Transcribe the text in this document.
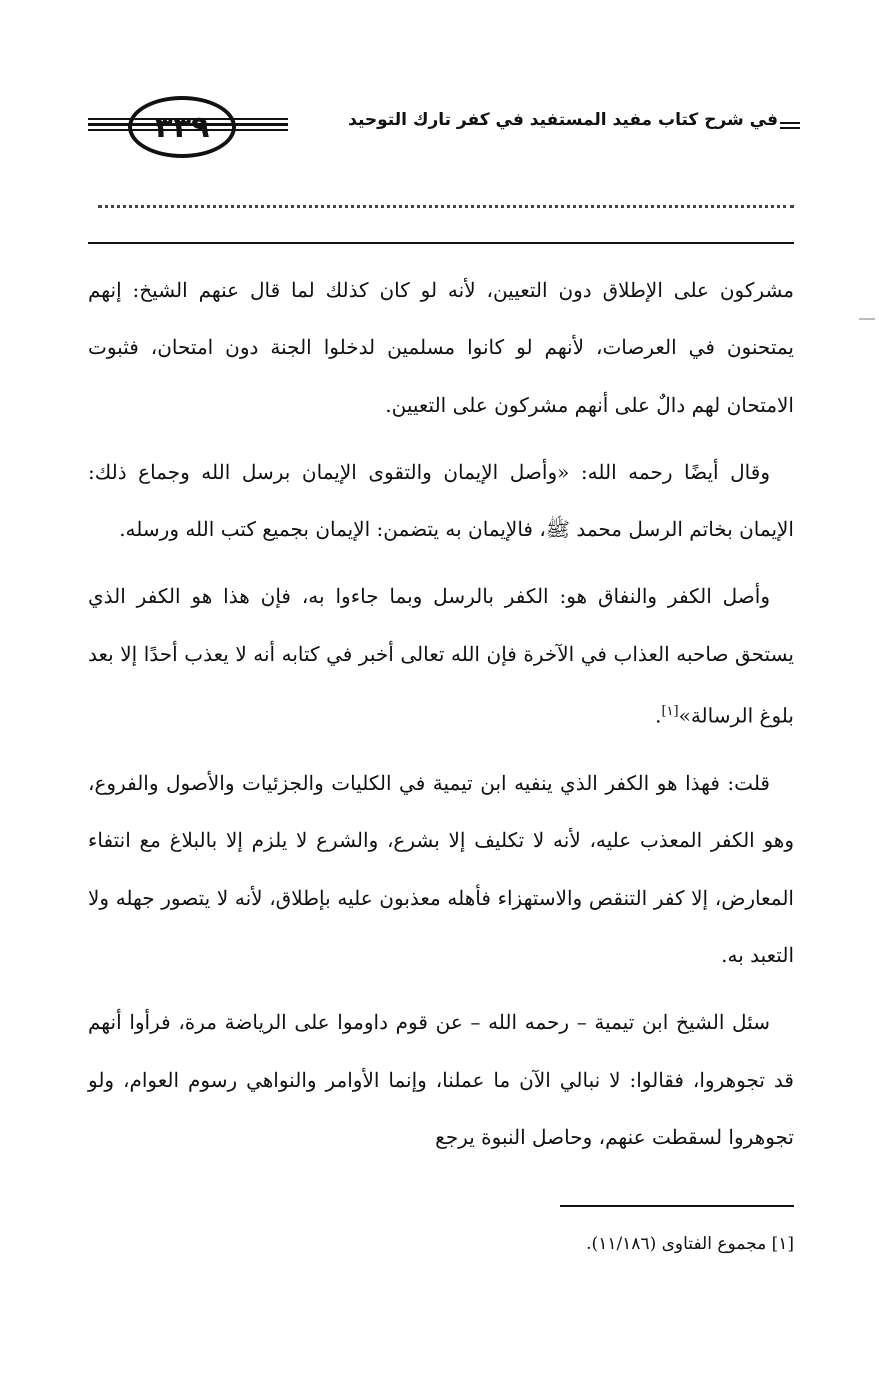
٣٣٩	في شرح كتاب مفيد المستفيد في كفر تارك التوحيد

مشركون على الإطلاق دون التعيين، لأنه لو كان كذلك لما قال عنهم الشيخ: إنهم يمتحنون في العرصات، لأنهم لو كانوا مسلمين لدخلوا الجنة دون امتحان، فثبوت الامتحان لهم دالٌ على أنهم مشركون على التعيين.

وقال أيضًا رحمه الله: «وأصل الإيمان والتقوى الإيمان برسل الله وجماع ذلك: الإيمان بخاتم الرسل محمد ﷺ، فالإيمان به يتضمن: الإيمان بجميع كتب الله ورسله.

وأصل الكفر والنفاق هو: الكفر بالرسل وبما جاءوا به، فإن هذا هو الكفر الذي يستحق صاحبه العذاب في الآخرة فإن الله تعالى أخبر في كتابه أنه لا يعذب أحدًا إلا بعد بلوغ الرسالة»[١].

قلت: فهذا هو الكفر الذي ينفيه ابن تيمية في الكليات والجزئيات والأصول والفروع، وهو الكفر المعذب عليه، لأنه لا تكليف إلا بشرع، والشرع لا يلزم إلا بالبلاغ مع انتفاء المعارض، إلا كفر التنقص والاستهزاء فأهله معذبون عليه بإطلاق، لأنه لا يتصور جهله ولا التعبد به.

سئل الشيخ ابن تيمية – رحمه الله – عن قوم داوموا على الرياضة مرة، فرأوا أنهم قد تجوهروا، فقالوا: لا نبالي الآن ما عملنا، وإنما الأوامر والنواهي رسوم العوام، ولو تجوهروا لسقطت عنهم، وحاصل النبوة يرجع

[١] مجموع الفتاوى (١١/١٨٦).
